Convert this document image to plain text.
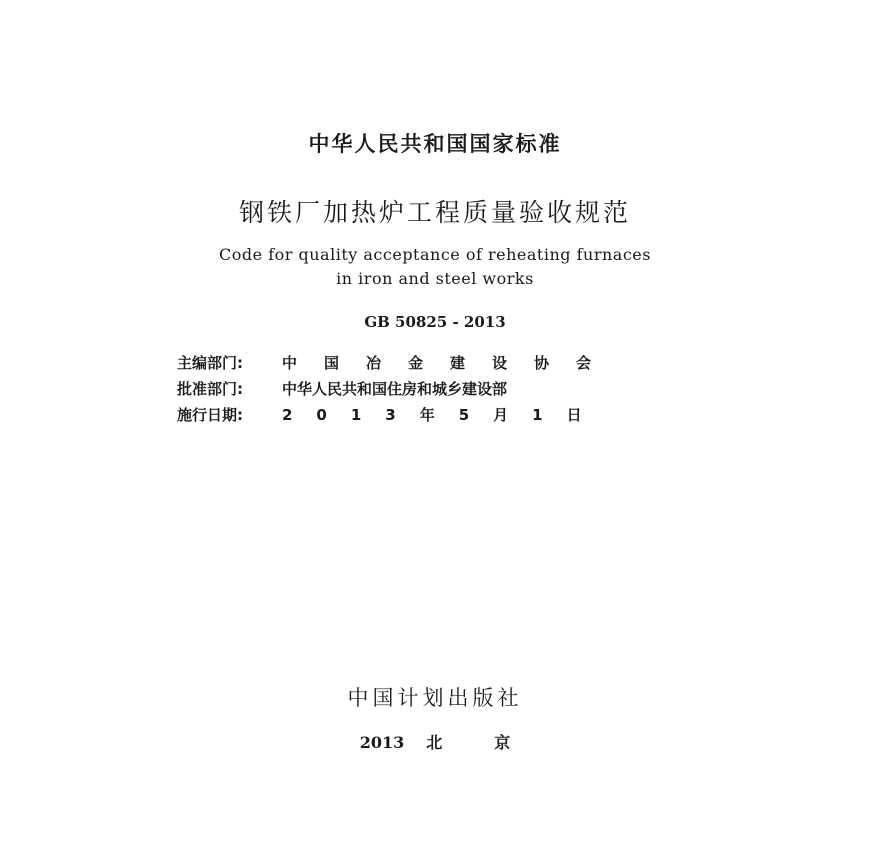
中华人民共和国国家标准
钢铁厂加热炉工程质量验收规范
Code for quality acceptance of reheating furnaces
in iron and steel works
GB 50825 - 2013
主编部门:	中国冶金建设协会
批准部门:	中华人民共和国住房和城乡建设部
施行日期:	2013年5月1日
中国计划出版社
2013 北	京
